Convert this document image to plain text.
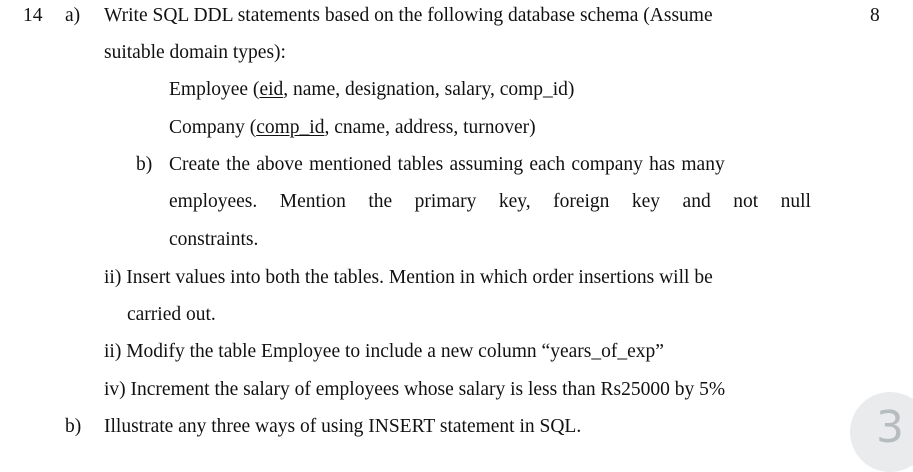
14 a) Write SQL DDL statements based on the following database schema (Assume	8
suitable domain types):
Employee (eid, name, designation, salary, comp_id)
Company (comp_id, cname, address, turnover)
b) Create the above mentioned tables assuming each company has many
employees. Mention the primary key, foreign key and not null
constraints.
ii) Insert values into both the tables. Mention in which order insertions will be
carried out.
ii) Modify the table Employee to include a new column “years_of_exp”
iv) Increment the salary of employees whose salary is less than Rs25000 by 5%
b) Illustrate any three ways of using INSERT statement in SQL.	3
